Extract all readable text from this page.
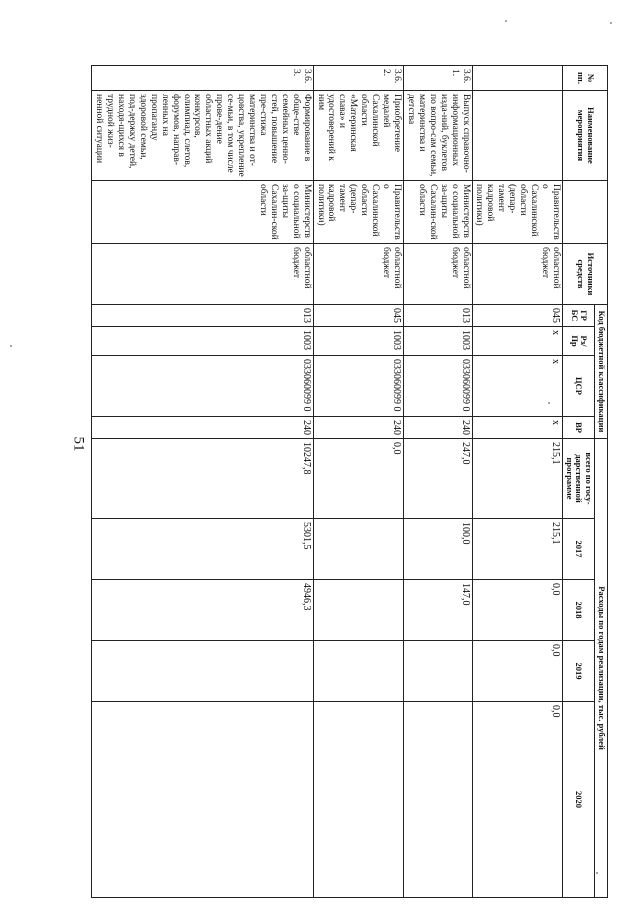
51
№ пп.	Наименование мероприятия		Источники средств	Код бюджетной классификации				Расходы по годам реализации, тыс. рублей				
				ГРБС	Рз/ Пр	ЦСР	ВР	всего по госу-дарственной программе	2017	2018	2019	2020
		Правительство Сахалинской области (депар-тамент кадровой политики)	областной бюджет	045	x	x	x	215,1	215,1	0,0	0,0	0,0
3.6. 1.	Выпуск справочно-информационных изда-ний, буклетов по вопро-сам семьи, материнства и детства	Министерство социальной за-щиты Сахалин-ской области	областной бюджет	013	1003	033060099 0	240	247,0	100,0	147,0		
3.6. 2.	Приобретение медалей Сахалинской области «Материнская слава» и удостоверений к ним	Правительство Сахалинской области (депар-тамент кадровой политики)	областной бюджет	045	1003	033060099 0	240	0,0				
3.6. 3.	Формирование в обще-стве семейных ценно-стей, повышение пре-стижа материнства и от-цовства, укрепление се-мьи, в том числе прове-дение областных акций конкурсов, олимпиад, слетов, форумов, направ-ленных на пропаганду здоровой семьи, под-держку детей, находя-щихся в трудной жиз-ненной ситуации	Министерство социальной за-щиты Сахалин-ской области	областной бюджет	013	1003	033060099 0	240	10247,8	5301,5	4946,3		
